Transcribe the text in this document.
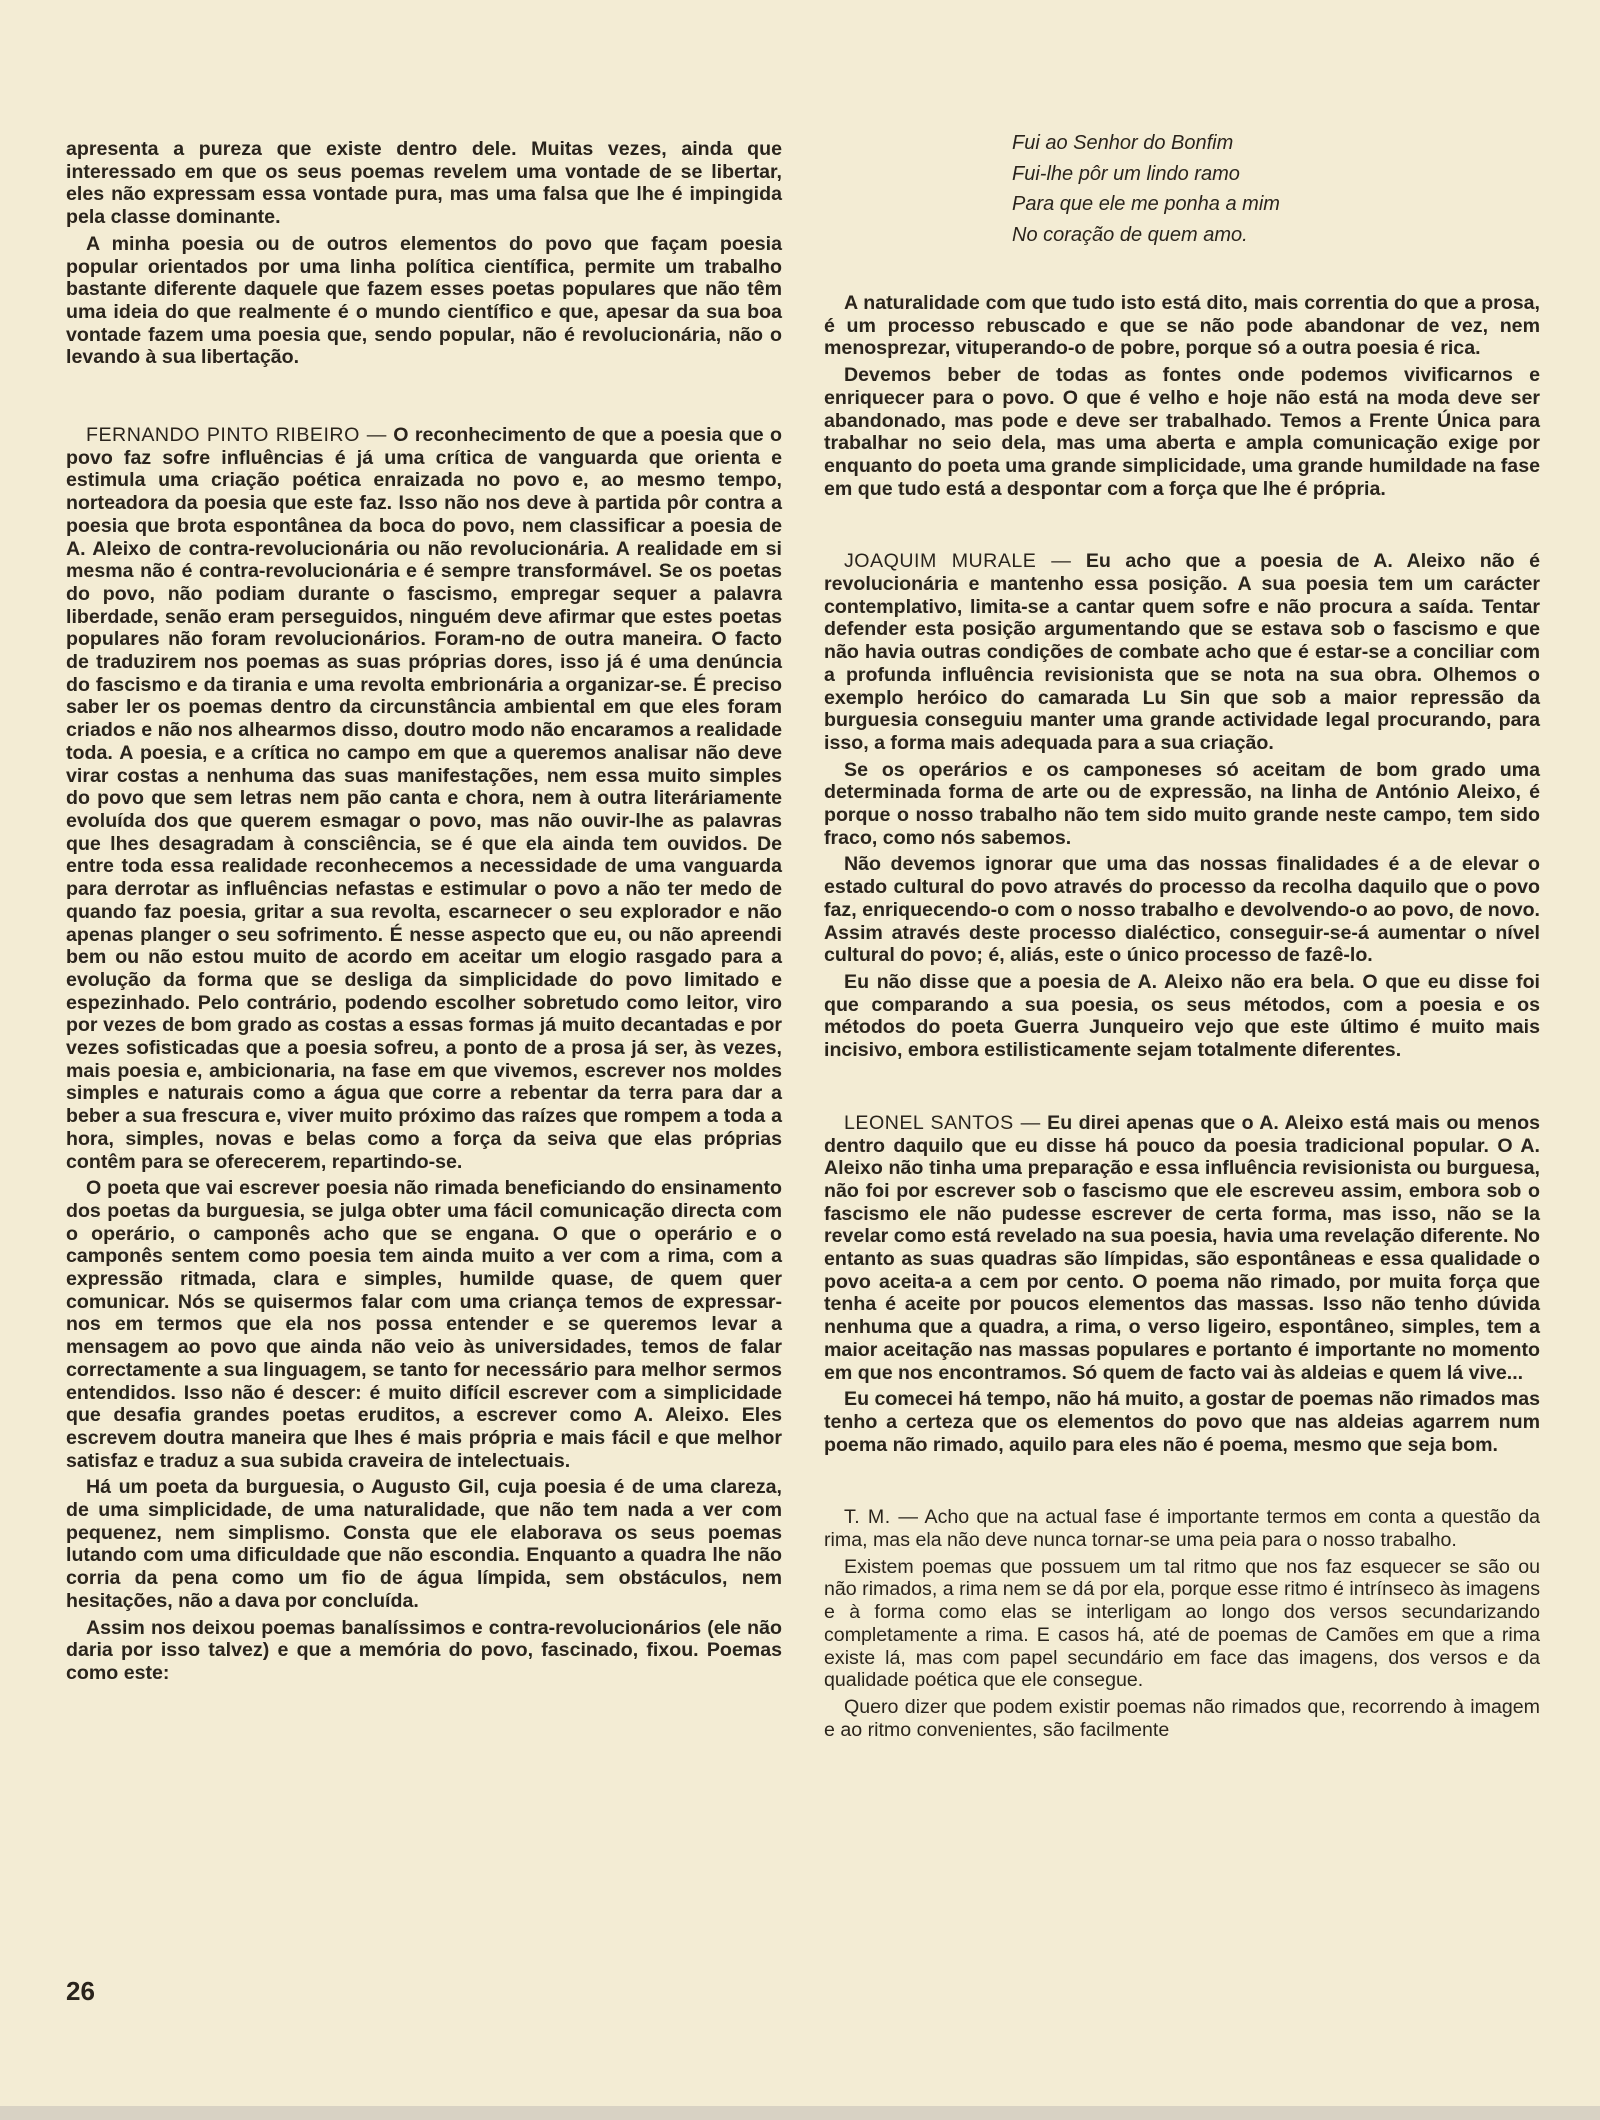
apresenta a pureza que existe dentro dele. Muitas vezes, ainda que interessado em que os seus poemas revelem uma vontade de se libertar, eles não expressam essa vontade pura, mas uma falsa que lhe é impingida pela classe dominante.

A minha poesia ou de outros elementos do povo que façam poesia popular orientados por uma linha política científica, permite um trabalho bastante diferente daquele que fazem esses poetas populares que não têm uma ideia do que realmente é o mundo científico e que, apesar da sua boa vontade fazem uma poesia que, sendo popular, não é revolucionária, não o levando à sua libertação.

FERNANDO PINTO RIBEIRO — O reconhecimento de que a poesia que o povo faz sofre influências é já uma crítica de vanguarda que orienta e estimula uma criação poética enraizada no povo e, ao mesmo tempo, norteadora da poesia que este faz. Isso não nos deve à partida pôr contra a poesia que brota espontânea da boca do povo, nem classificar a poesia de A. Aleixo de contra-revolucionária ou não revolucionária. A realidade em si mesma não é contra-revolucionária e é sempre transformável. Se os poetas do povo, não podiam durante o fascismo, empregar sequer a palavra liberdade, senão eram perseguidos, ninguém deve afirmar que estes poetas populares não foram revolucionários. Foram-no de outra maneira. O facto de traduzirem nos poemas as suas próprias dores, isso já é uma denúncia do fascismo e da tirania e uma revolta embrionária a organizar-se. É preciso saber ler os poemas dentro da circunstância ambiental em que eles foram criados e não nos alhearmos disso, doutro modo não encaramos a realidade toda. A poesia, e a crítica no campo em que a queremos analisar não deve virar costas a nenhuma das suas manifestações, nem essa muito simples do povo que sem letras nem pão canta e chora, nem à outra literáriamente evoluída dos que querem esmagar o povo, mas não ouvir-lhe as palavras que lhes desagradam à consciência, se é que ela ainda tem ouvidos. De entre toda essa realidade reconhecemos a necessidade de uma vanguarda para derrotar as influências nefastas e estimular o povo a não ter medo de quando faz poesia, gritar a sua revolta, escarnecer o seu explorador e não apenas planger o seu sofrimento. É nesse aspecto que eu, ou não apreendi bem ou não estou muito de acordo em aceitar um elogio rasgado para a evolução da forma que se desliga da simplicidade do povo limitado e espezinhado. Pelo contrário, podendo escolher sobretudo como leitor, viro por vezes de bom grado as costas a essas formas já muito decantadas e por vezes sofisticadas que a poesia sofreu, a ponto de a prosa já ser, às vezes, mais poesia e, ambicionaria, na fase em que vivemos, escrever nos moldes simples e naturais como a água que corre a rebentar da terra para dar a beber a sua frescura e, viver muito próximo das raízes que rompem a toda a hora, simples, novas e belas como a força da seiva que elas próprias contêm para se oferecerem, repartindo-se.

O poeta que vai escrever poesia não rimada beneficiando do ensinamento dos poetas da burguesia, se julga obter uma fácil comunicação directa com o operário, o camponês acho que se engana. O que o operário e o camponês sentem como poesia tem ainda muito a ver com a rima, com a expressão ritmada, clara e simples, humilde quase, de quem quer comunicar. Nós se quisermos falar com uma criança temos de expressar-nos em termos que ela nos possa entender e se queremos levar a mensagem ao povo que ainda não veio às universidades, temos de falar correctamente a sua linguagem, se tanto for necessário para melhor sermos entendidos. Isso não é descer: é muito difícil escrever com a simplicidade que desafia grandes poetas eruditos, a escrever como A. Aleixo. Eles escrevem doutra maneira que lhes é mais própria e mais fácil e que melhor satisfaz e traduz a sua subida craveira de intelectuais.

Há um poeta da burguesia, o Augusto Gil, cuja poesia é de uma clareza, de uma simplicidade, de uma naturalidade, que não tem nada a ver com pequenez, nem simplismo. Consta que ele elaborava os seus poemas lutando com uma dificuldade que não escondia. Enquanto a quadra lhe não corria da pena como um fio de água límpida, sem obstáculos, nem hesitações, não a dava por concluída.

Assim nos deixou poemas banalíssimos e contra-revolucionários (ele não daria por isso talvez) e que a memória do povo, fascinado, fixou. Poemas como este:

Fui ao Senhor do Bonfim
Fui-lhe pôr um lindo ramo
Para que ele me ponha a mim
No coração de quem amo.

A naturalidade com que tudo isto está dito, mais correntia do que a prosa, é um processo rebuscado e que se não pode abandonar de vez, nem menosprezar, vituperando-o de pobre, porque só a outra poesia é rica.

Devemos beber de todas as fontes onde podemos vivificarnos e enriquecer para o povo. O que é velho e hoje não está na moda deve ser abandonado, mas pode e deve ser trabalhado. Temos a Frente Única para trabalhar no seio dela, mas uma aberta e ampla comunicação exige por enquanto do poeta uma grande simplicidade, uma grande humildade na fase em que tudo está a despontar com a força que lhe é própria.

JOAQUIM MURALE — Eu acho que a poesia de A. Aleixo não é revolucionária e mantenho essa posição. A sua poesia tem um carácter contemplativo, limita-se a cantar quem sofre e não procura a saída. Tentar defender esta posição argumentando que se estava sob o fascismo e que não havia outras condições de combate acho que é estar-se a conciliar com a profunda influência revisionista que se nota na sua obra. Olhemos o exemplo heróico do camarada Lu Sin que sob a maior repressão da burguesia conseguiu manter uma grande actividade legal procurando, para isso, a forma mais adequada para a sua criação.

Se os operários e os camponeses só aceitam de bom grado uma determinada forma de arte ou de expressão, na linha de António Aleixo, é porque o nosso trabalho não tem sido muito grande neste campo, tem sido fraco, como nós sabemos.

Não devemos ignorar que uma das nossas finalidades é a de elevar o estado cultural do povo através do processo da recolha daquilo que o povo faz, enriquecendo-o com o nosso trabalho e devolvendo-o ao povo, de novo. Assim através deste processo dialéctico, conseguir-se-á aumentar o nível cultural do povo; é, aliás, este o único processo de fazê-lo.

Eu não disse que a poesia de A. Aleixo não era bela. O que eu disse foi que comparando a sua poesia, os seus métodos, com a poesia e os métodos do poeta Guerra Junqueiro vejo que este último é muito mais incisivo, embora estilisticamente sejam totalmente diferentes.

LEONEL SANTOS — Eu direi apenas que o A. Aleixo está mais ou menos dentro daquilo que eu disse há pouco da poesia tradicional popular. O A. Aleixo não tinha uma preparação e essa influência revisionista ou burguesa, não foi por escrever sob o fascismo que ele escreveu assim, embora sob o fascismo ele não pudesse escrever de certa forma, mas isso, não se Ia revelar como está revelado na sua poesia, havia uma revelação diferente. No entanto as suas quadras são límpidas, são espontâneas e essa qualidade o povo aceita-a a cem por cento. O poema não rimado, por muita força que tenha é aceite por poucos elementos das massas. Isso não tenho dúvida nenhuma que a quadra, a rima, o verso ligeiro, espontâneo, simples, tem a maior aceitação nas massas populares e portanto é importante no momento em que nos encontramos. Só quem de facto vai às aldeias e quem lá vive...

Eu comecei há tempo, não há muito, a gostar de poemas não rimados mas tenho a certeza que os elementos do povo que nas aldeias agarrem num poema não rimado, aquilo para eles não é poema, mesmo que seja bom.

T. M. — Acho que na actual fase é importante termos em conta a questão da rima, mas ela não deve nunca tornar-se uma peia para o nosso trabalho.

Existem poemas que possuem um tal ritmo que nos faz esquecer se são ou não rimados, a rima nem se dá por ela, porque esse ritmo é intrínseco às imagens e à forma como elas se interligam ao longo dos versos secundarizando completamente a rima. E casos há, até de poemas de Camões em que a rima existe lá, mas com papel secundário em face das imagens, dos versos e da qualidade poética que ele consegue.

Quero dizer que podem existir poemas não rimados que, recorrendo à imagem e ao ritmo convenientes, são facilmente

26
